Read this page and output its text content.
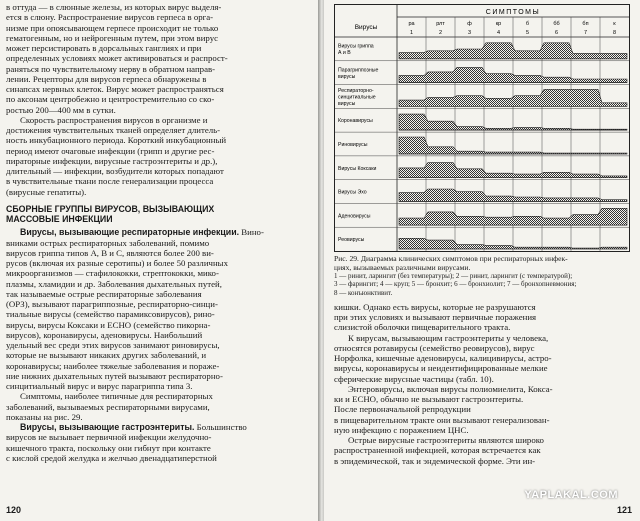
в оттуда — в слюнные железы, из которых вирус выделя-
ется в слюну. Распространение вирусов герпеса в орга-
низме при опоясывающем герпесе происходит не только
гематогенным, но и нейрогенным путем, при этом вирус
может персистировать в дорсальных ганглиях и при
определенных условиях может активироваться и распрост-
раняться по чувствительному нерву в обратном направ-
лении. Рецепторы для вирусов герпеса обнаружены в
синапсах нервных клеток. Вирус может распространяться
по аксонам центробежно и центростремительно со ско-
ростью 200—400 мм в сутки.

Скорость распространения вирусов в организме и
достижения чувствительных тканей определяет длитель-
ность инкубационного периода. Короткий инкубационный
период имеют очаговые инфекции (грипп и другие рес-
пираторные инфекции, вирусные гастроэнтериты и др.),
длительный — инфекции, возбудители которых попадают
в чувствительные ткани после генерализации процесса
(вирусные гепатиты).

СБОРНЫЕ ГРУППЫ ВИРУСОВ, ВЫЗЫВАЮЩИХ
МАССОВЫЕ ИНФЕКЦИИ

Вирусы, вызывающие респираторные инфекции. Вино-
вниками острых респираторных заболеваний, помимо
вирусов гриппа типов А, В и С, являются более 200 ви-
русов (включая их разные серотипы) и более 50 различных
микроорганизмов — стафилококки, стрептококки, мико-
плазмы, хламидии и др. Заболевания дыхательных путей,
так называемые острые респираторные заболевания
(ОРЗ), вызывают парагриппозные, респираторно-синци-
тиальные вирусы (семейство парамиксовирусов), рино-
вирусы, вирусы Коксаки и ECHO (семейство пикорна-
вирусов), коронавирусы, аденовирусы. Наибольший
удельный вес среди этих вирусов занимают риновирусы,
которые не вызывают никаких других заболеваний, и
коронавирусы; наиболее тяжелые заболевания и пораже-
ние нижних дыхательных путей вызывают респираторно-
синцитиальный вирус и вирус парагриппа типа 3.

Симптомы, наиболее типичные для респираторных
заболеваний, вызываемых респираторными вирусами,
показаны на рис. 29.

Вирусы, вызывающие гастроэнтериты. Большинство
вирусов не вызывает первичной инфекции желудочно-
кишечного тракта, поскольку они гибнут при контакте
с кислой средой желудка и желчью двенадцатиперстной

120
СИМПТОМЫ
Вирусы	ра
1
рлт
2
ф
3
кр
4
б
5
бб
6
бп
7
к
8
Вирусы гриппа
А и В
Парагриппозные
вирусы
Респираторно-
синцитиальные
вирусы
Коронавирусы
Риновирусы
Вирусы Коксаки
Вирусы Эхо
Аденовирусы
Реовирусы

Рис. 29. Диаграмма клинических симптомов при респираторных инфек-
циях, вызываемых различными вирусами.

1 — ринит, ларингит (без температуры); 2 — ринит, ларингит (с температурой);
3 — фарингит; 4 — круп; 5 — бронхит; 6 — бронхиолит; 7 — бронхопневмония;
8 — конъюнктивит.

кишки. Однако есть вирусы, которые не разрушаются
при этих условиях и вызывают первичные поражения
слизистой оболочки пищеварительного тракта.

К вирусам, вызывающим гастроэнтериты у человека,
относятся ротавирусы (семейство реовирусов), вирус
Норфолка, кишечные аденовирусы, калицивирусы, астро-
вирусы, коронавирусы и неидентифицированные мелкие
сферические вирусные частицы (табл. 10).

Энтеровирусы, включая вирусы полиомиелита, Кокса-
ки и ECHO, обычно не вызывают гастроэнтериты.
После первоначальной репродукции
в пищеварительном тракте они вызывают генерализован-
ную инфекцию с поражением ЦНС.

Острые вирусные гастроэнтериты являются широко
распространенной инфекцией, которая встречается как
в эпидемической, так и эндемической форме. Эти ин-

YAPLAKAL.COM
121
